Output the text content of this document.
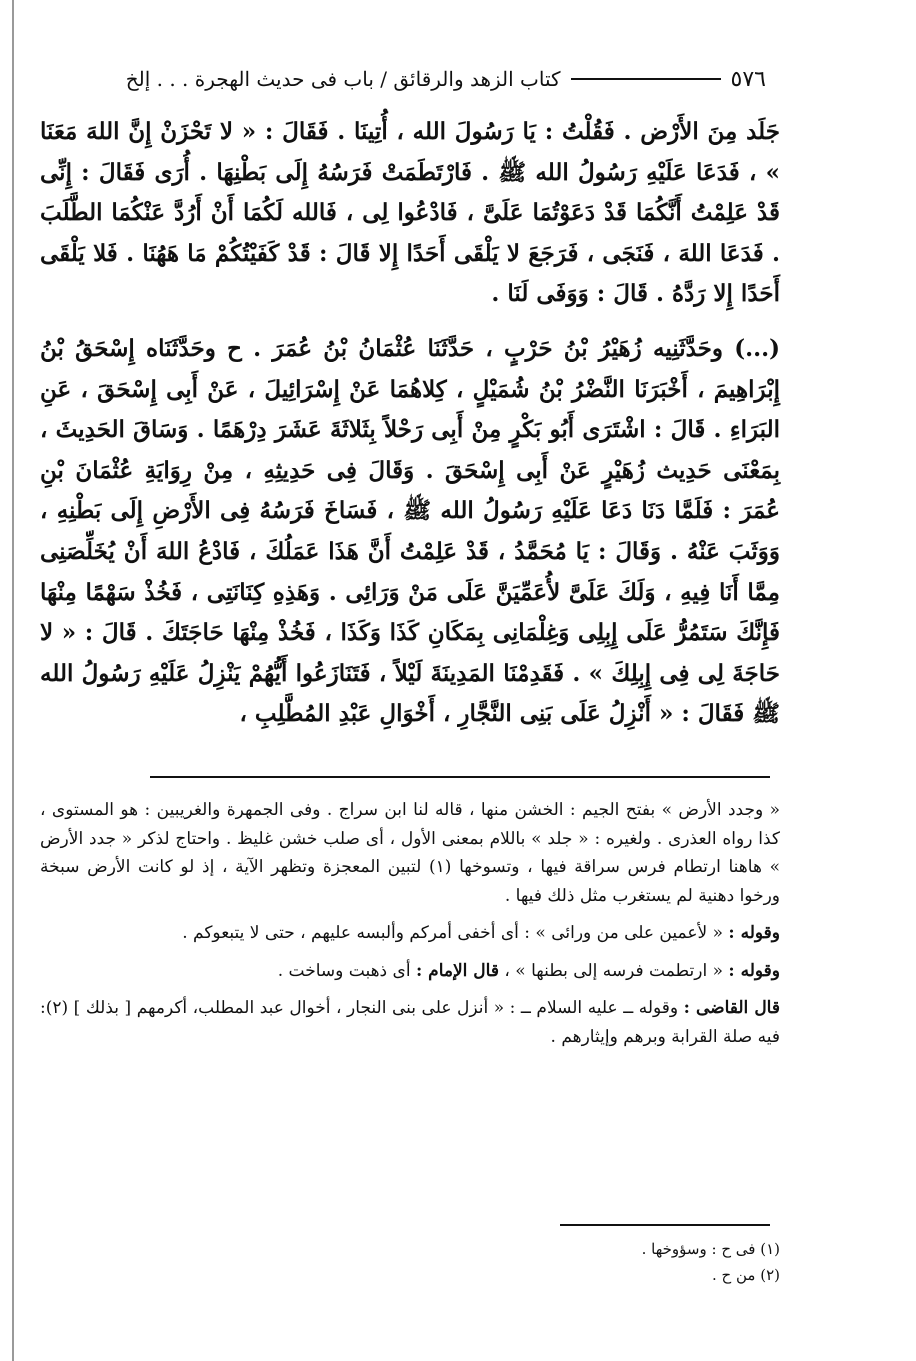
٥٧٦
كتاب الزهد والرقائق / باب فى حديث الهجرة . . . إلخ

جَلَد مِنَ الأَرْض . فَقُلْتُ : يَا رَسُولَ الله ، أُتِينَا . فَقَالَ : « لا تَحْزَنْ إِنَّ اللهَ مَعَنَا » ، فَدَعَا عَلَيْهِ رَسُولُ الله ﷺ . فَارْتَطَمَتْ فَرَسُهُ إِلَى بَطْنِهَا . أُرَى فَقَالَ : إِنِّى قَدْ عَلِمْتُ أَنَّكُمَا قَدْ دَعَوْتُمَا عَلَىَّ ، فَادْعُوا لِى ، فَالله لَكُمَا أَنْ أَرُدَّ عَنْكُمَا الطَّلَبَ . فَدَعَا اللهَ ، فَنَجَى ، فَرَجَعَ لا يَلْقَى أَحَدًا إِلا قَالَ : قَدْ كَفَيْتُكُمْ مَا هَهُنَا . فَلا يَلْقَى أَحَدًا إِلا رَدَّهُ . قَالَ : وَوَفَى لَنَا .

(...) وحَدَّثَنِيه زُهَيْرُ بْنُ حَرْبٍ ، حَدَّثَنَا عُثْمَانُ بْنُ عُمَرَ . ح وحَدَّثَنَاه إِسْحَقُ بْنُ إِبْرَاهِيمَ ، أَخْبَرَنَا النَّضْرُ بْنُ شُمَيْلٍ ، كِلاهُمَا عَنْ إِسْرَائِيلَ ، عَنْ أَبِى إِسْحَقَ ، عَنِ البَرَاءِ . قَالَ : اشْتَرَى أَبُو بَكْرٍ مِنْ أَبِى رَحْلاً بِثَلاثَةَ عَشَرَ دِرْهَمًا . وَسَاقَ الحَدِيثَ ، بِمَعْنَى حَدِيث زُهَيْرٍ عَنْ أَبِى إِسْحَقَ . وَقَالَ فِى حَدِيثِهِ ، مِنْ رِوَايَةِ عُثْمَانَ بْنِ عُمَرَ : فَلَمَّا دَنَا دَعَا عَلَيْهِ رَسُولُ الله ﷺ ، فَسَاخَ فَرَسُهُ فِى الأَرْضِ إِلَى بَطْنِهِ ، وَوَثَبَ عَنْهُ . وَقَالَ : يَا مُحَمَّدُ ، قَدْ عَلِمْتُ أَنَّ هَذَا عَمَلُكَ ، فَادْعُ اللهَ أَنْ يُخَلِّصَنِى مِمَّا أَنَا فِيهِ ، وَلَكَ عَلَىَّ لأُعَمِّيَنَّ عَلَى مَنْ وَرَائِى . وَهَذِهِ كِنَانَتِى ، فَخُذْ سَهْمًا مِنْهَا فَإِنَّكَ سَتَمُرُّ عَلَى إِبِلِى وَغِلْمَانِى بِمَكَانِ كَذَا وَكَذَا ، فَخُذْ مِنْهَا حَاجَتَكَ . قَالَ : « لا حَاجَةَ لِى فِى إِبِلِكَ » . فَقَدِمْنَا المَدِينَةَ لَيْلاً ، فَتَنَازَعُوا أَيُّهُمْ يَنْزِلُ عَلَيْهِ رَسُولُ الله ﷺ فَقَالَ : « أَنْزِلُ عَلَى بَنِى النَّجَّارِ ، أَخْوَالِ عَبْدِ المُطَّلِبِ ،

« وجدد الأرض » بفتح الجيم : الخشن منها ، قاله لنا ابن سراج . وفى الجمهرة والغريبين : هو المستوى ، كذا رواه العذرى . ولغيره : « جلد » باللام بمعنى الأول ، أى صلب خشن غليظ . واحتاج لذكر « جدد الأرض » هاهنا ارتطام فرس سراقة فيها ، وتسوخها (١) لتبين المعجزة وتظهر الآية ، إذ لو كانت الأرض سبخة ورخوا دهنية لم يستغرب مثل ذلك فيها .

وقوله : « لأعمين على من ورائى » : أى أخفى أمركم وألبسه عليهم ، حتى لا يتبعوكم .

وقوله : « ارتطمت فرسه إلى بطنها » ، قال الإمام : أى ذهبت وساخت .

قال القاضى : وقوله ــ عليه السلام ــ : « أنزل على بنى النجار ، أخوال عبد المطلب، أكرمهم [ بذلك ] (٢): فيه صلة القرابة وبرهم وإيثارهم .

(١) فى ح : وسؤوخها .
(٢) من ح .
